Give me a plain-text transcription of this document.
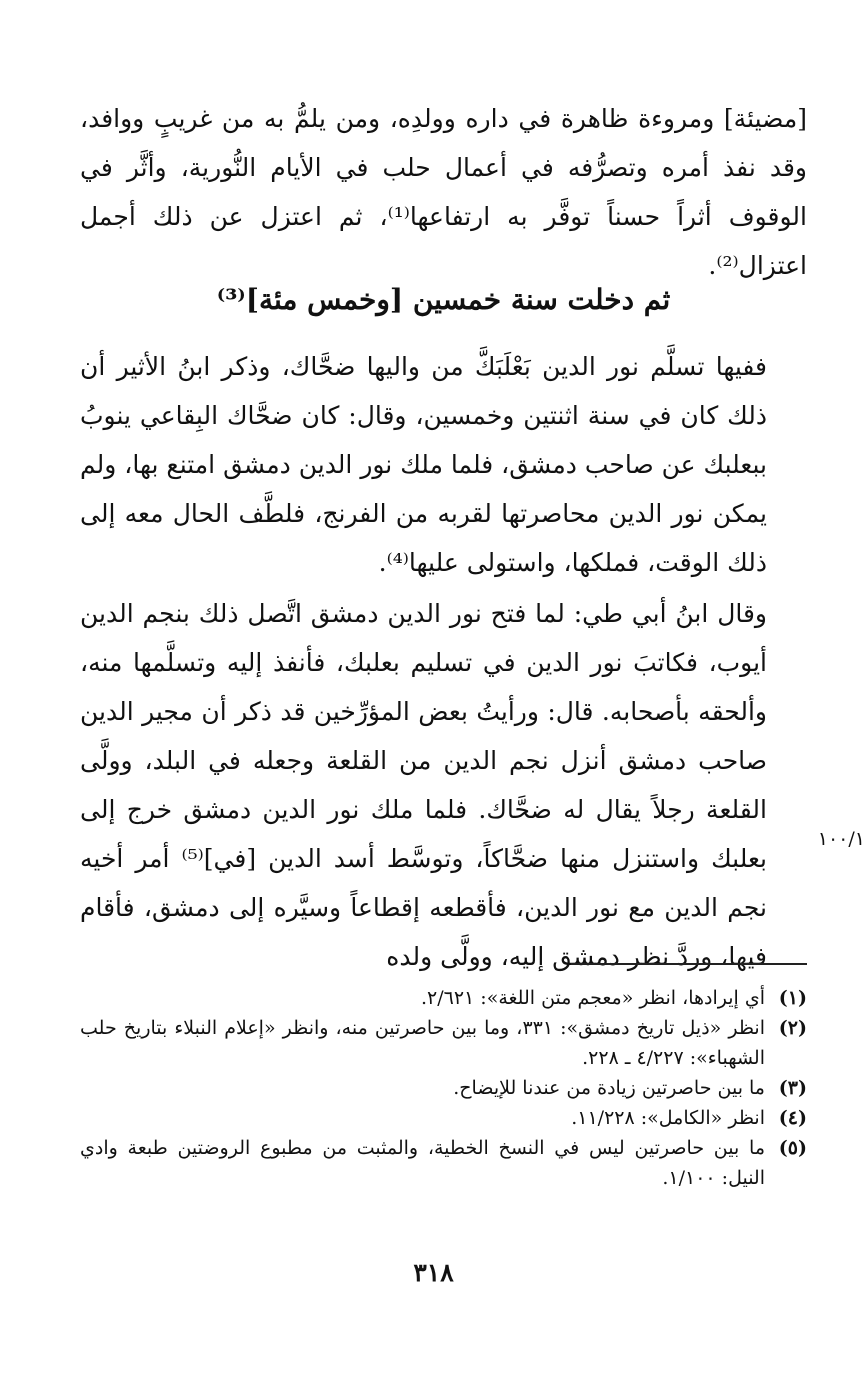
[مضيئة] ومروءة ظاهرة في داره وولدِه، ومن يلمُّ به من غريبٍ ووافد، وقد نفذ أمره وتصرُّفه في أعمال حلب في الأيام النُّورية، وأثَّر في الوقوف أثراً حسناً توفَّر به ارتفاعها⁽¹⁾، ثم اعتزل عن ذلك أجمل اعتزال⁽²⁾.

ثم دخلت سنة خمسين [وخمس مئة]⁽³⁾

ففيها تسلَّم نور الدين بَعْلَبَكَّ من واليها ضحَّاك، وذكر ابنُ الأثير أن ذلك كان في سنة اثنتين وخمسين، وقال: كان ضحَّاك البِقاعي ينوبُ ببعلبك عن صاحب دمشق، فلما ملك نور الدين دمشق امتنع بها، ولم يمكن نور الدين محاصرتها لقربه من الفرنج، فلطَّف الحال معه إلى ذلك الوقت، فملكها، واستولى عليها⁽⁴⁾.

وقال ابنُ أبي طي: لما فتح نور الدين دمشق اتَّصل ذلك بنجم الدين أيوب، فكاتبَ نور الدين في تسليم بعلبك، فأنفذ إليه وتسلَّمها منه، وألحقه بأصحابه. قال: ورأيتُ بعض المؤرِّخين قد ذكر أن مجير الدين صاحب دمشق أنزل نجم الدين من القلعة وجعله في البلد، وولَّى القلعة رجلاً يقال له ضحَّاك. فلما ملك نور الدين دمشق خرج إلى بعلبك واستنزل منها ضحَّاكاً، وتوسَّط أسد الدين [في]⁽⁵⁾ أمر أخيه نجم الدين مع نور الدين، فأقطعه إقطاعاً وسيَّره إلى دمشق، فأقام فيها، وردَّ نظر دمشق إليه، وولَّى ولده

١٠٠/١
(١)
أي إيرادها، انظر «معجم متن اللغة»: ٢/٦٢١.
(٢)
انظر «ذيل تاريخ دمشق»: ٣٣١، وما بين حاصرتين منه، وانظر «إعلام النبلاء بتاريخ حلب الشهباء»: ٤/٢٢٧ ـ ٢٢٨.
(٣)
ما بين حاصرتين زيادة من عندنا للإيضاح.
(٤)
انظر «الكامل»: ١١/٢٢٨.
(٥)
ما بين حاصرتين ليس في النسخ الخطية، والمثبت من مطبوع الروضتين طبعة وادي النيل: ١/١٠٠.
٣١٨
